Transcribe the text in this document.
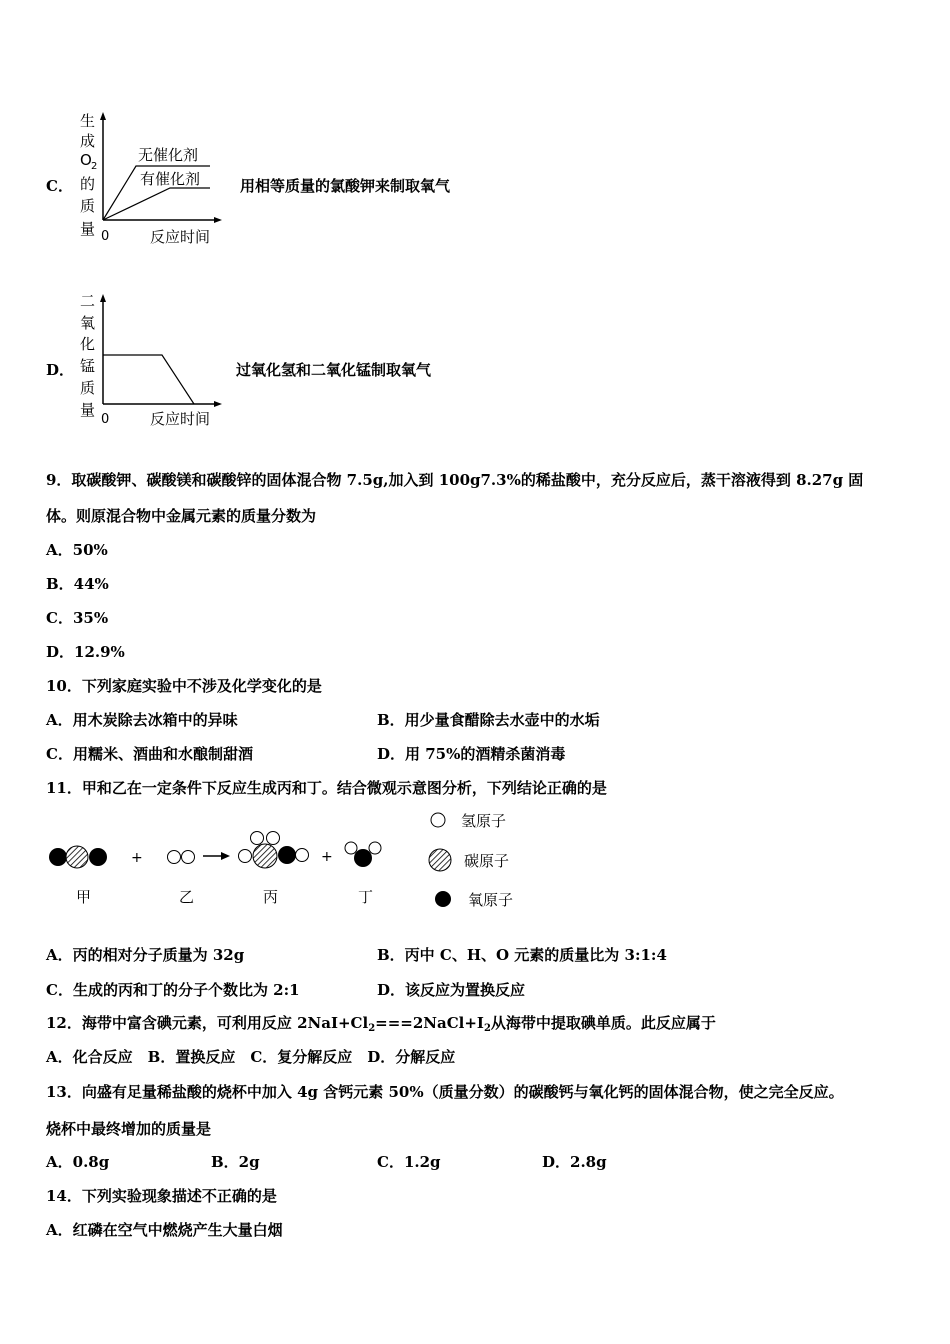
C．
生
成
O 2
的
质
量 0	反应时间
无催化剂
有催化剂	用相等质量的氯酸钾来制取氧气
D．
二
氧
化
锰
质
量
0	反应时间
过氧化氢和二氧化锰制取氧气
9．取碳酸钾、碳酸镁和碳酸锌的固体混合物 7.5g,加入到 100g7.3%的稀盐酸中，充分反应后，蒸干溶液得到 8.27g 固
体。则原混合物中金属元素的质量分数为
A．50%
B．44%
C．35%
D．12.9%
10．下列家庭实验中不涉及化学变化的是
A．用木炭除去冰箱中的异味	B．用少量食醋除去水壶中的水垢
C．用糯米、酒曲和水酿制甜酒	D．用 75%的酒精杀菌消毒
11．甲和乙在一定条件下反应生成丙和丁。结合微观示意图分析，下列结论正确的是
+	+
甲	乙	丙	丁
氢原子
碳原子
氧原子
A．丙的相对分子质量为 32g	B．丙中 C、H、O 元素的质量比为 3:1:4
C．生成的丙和丁的分子个数比为 2:1	D．该反应为置换反应
12．海带中富含碘元素，可利用反应 $2NaI+Cl_2===2NaCl+I_2$从海带中提取碘单质。此反应属于
A．化合反应　B．置换反应　C．复分解反应　D．分解反应
13．向盛有足量稀盐酸的烧杯中加入 4g 含钙元素 50%（质量分数）的碳酸钙与氧化钙的固体混合物，使之完全反应。
烧杯中最终增加的质量是
A．0.8g	B．2g	C．1.2g	D．2.8g
14．下列实验现象描述不正确的是
A．红磷在空气中燃烧产生大量白烟
